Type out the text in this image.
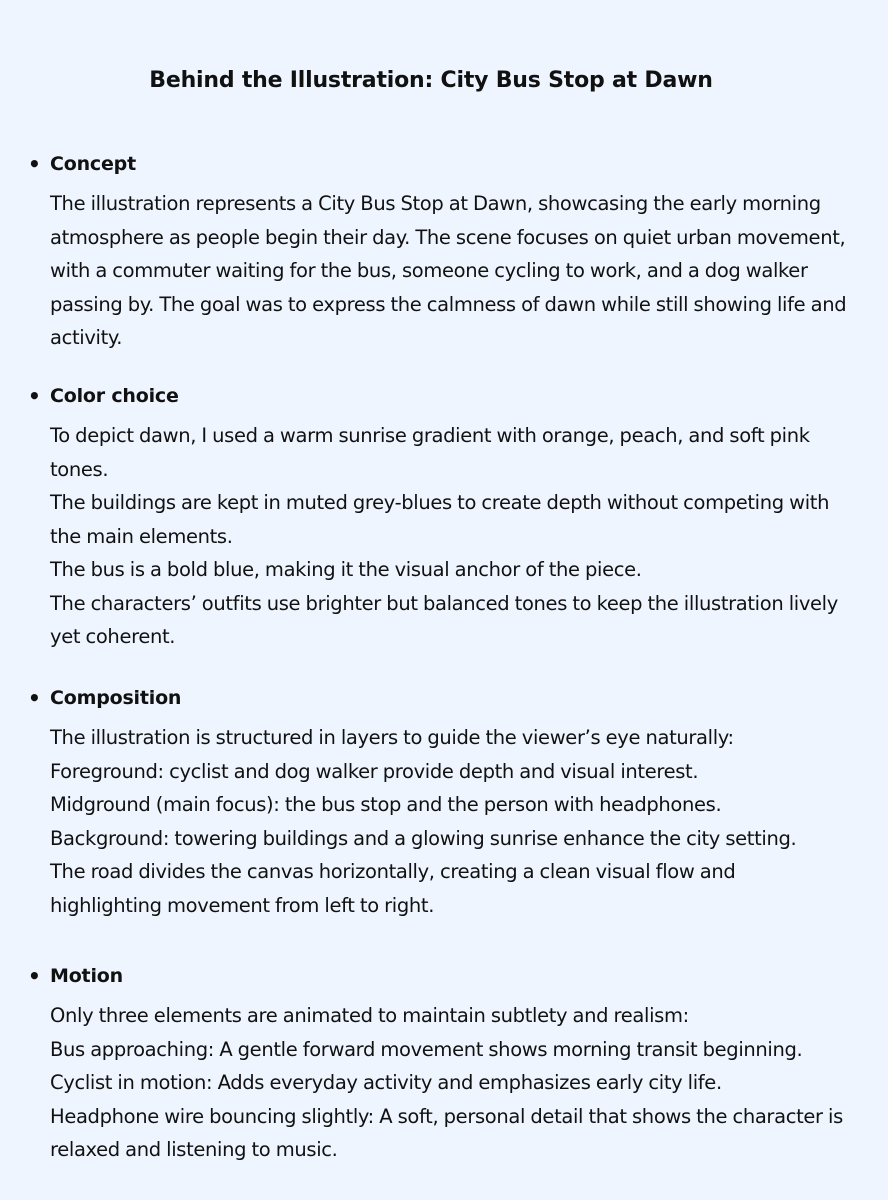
Behind the Illustration: City Bus Stop at Dawn
• Concept

The illustration represents a City Bus Stop at Dawn, showcasing the early morning atmosphere as people begin their day. The scene focuses on quiet urban movement, with a commuter waiting for the bus, someone cycling to work, and a dog walker passing by. The goal was to express the calmness of dawn while still showing life and activity.

• Color choice

To depict dawn, I used a warm sunrise gradient with orange, peach, and soft pink tones.

The buildings are kept in muted grey-blues to create depth without competing with the main elements.

The bus is a bold blue, making it the visual anchor of the piece.

The characters’ outfits use brighter but balanced tones to keep the illustration lively yet coherent.

• Composition

The illustration is structured in layers to guide the viewer’s eye naturally:

Foreground: cyclist and dog walker provide depth and visual interest.

Midground (main focus): the bus stop and the person with headphones.

Background: towering buildings and a glowing sunrise enhance the city setting.

The road divides the canvas horizontally, creating a clean visual flow and highlighting movement from left to right.

• Motion

Only three elements are animated to maintain subtlety and realism:

Bus approaching: A gentle forward movement shows morning transit beginning.

Cyclist in motion: Adds everyday activity and emphasizes early city life.

Headphone wire bouncing slightly: A soft, personal detail that shows the character is relaxed and listening to music.
